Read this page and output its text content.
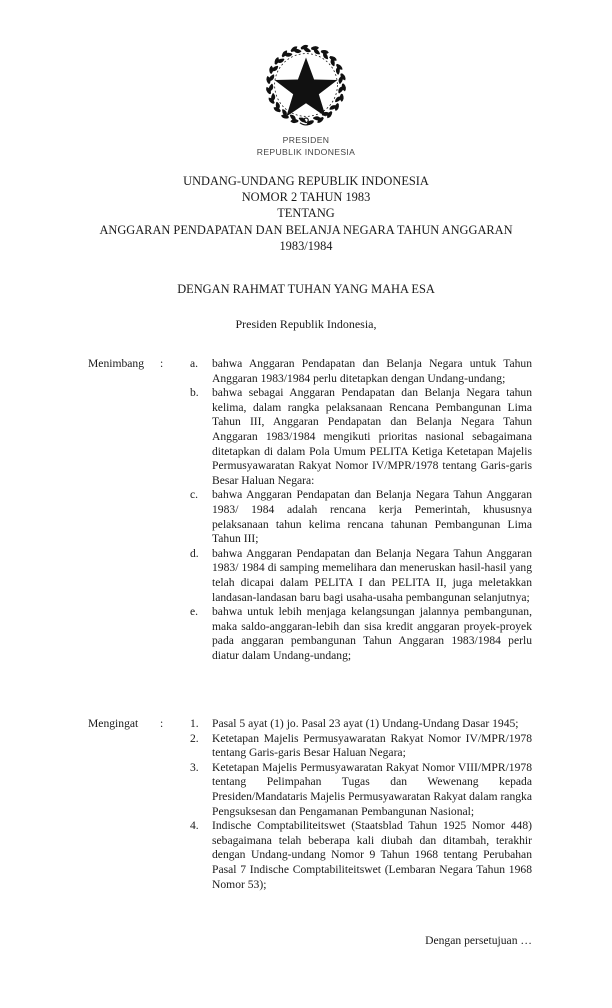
PRESIDEN
REPUBLIK INDONESIA
UNDANG-UNDANG REPUBLIK INDONESIA
NOMOR 2 TAHUN 1983
TENTANG
ANGGARAN PENDAPATAN DAN BELANJA NEGARA TAHUN ANGGARAN
1983/1984
DENGAN RAHMAT TUHAN YANG MAHA ESA
Presiden Republik Indonesia,
Menimbang	:	a.	bahwa Anggaran Pendapatan dan Belanja Negara untuk Tahun Anggaran 1983/1984 perlu ditetapkan dengan Undang-undang;
b.	bahwa sebagai Anggaran Pendapatan dan Belanja Negara tahun kelima, dalam rangka pelaksanaan Rencana Pembangunan Lima Tahun III, Anggaran Pendapatan dan Belanja Negara Tahun Anggaran 1983/1984 mengikuti prioritas nasional sebagaimana ditetapkan di dalam Pola Umum PELITA Ketiga Ketetapan Majelis Permusyawaratan Rakyat Nomor IV/MPR/1978 tentang Garis-garis Besar Haluan Negara:
c.	bahwa Anggaran Pendapatan dan Belanja Negara Tahun Anggaran 1983/ 1984 adalah rencana kerja Pemerintah, khususnya pelaksanaan tahun kelima rencana tahunan Pembangunan Lima Tahun III;
d.	bahwa Anggaran Pendapatan dan Belanja Negara Tahun Anggaran 1983/ 1984 di samping memelihara dan meneruskan hasil-hasil yang telah dicapai dalam PELITA I dan PELITA II, juga meletakkan landasan-landasan baru bagi usaha-usaha pembangunan selanjutnya;
e.	bahwa untuk lebih menjaga kelangsungan jalannya pembangunan, maka saldo-anggaran-lebih dan sisa kredit anggaran proyek-proyek pada anggaran pembangunan Tahun Anggaran 1983/1984 perlu diatur dalam Undang-undang;
Mengingat	:	1.	Pasal 5 ayat (1) jo. Pasal 23 ayat (1) Undang-Undang Dasar 1945;
2.	Ketetapan Majelis Permusyawaratan Rakyat Nomor IV/MPR/1978 tentang Garis-garis Besar Haluan Negara;
3.	Ketetapan Majelis Permusyawaratan Rakyat Nomor VIII/MPR/1978 tentang Pelimpahan Tugas dan Wewenang kepada Presiden/Mandataris Majelis Permusyawaratan Rakyat dalam rangka Pengsuksesan dan Pengamanan Pembangunan Nasional;
4.	Indische Comptabiliteitswet (Staatsblad Tahun 1925 Nomor 448) sebagaimana telah beberapa kali diubah dan ditambah, terakhir dengan Undang-undang Nomor 9 Tahun 1968 tentang Perubahan Pasal 7 Indische Comptabiliteitswet (Lembaran Negara Tahun 1968 Nomor 53);
Dengan persetujuan …
